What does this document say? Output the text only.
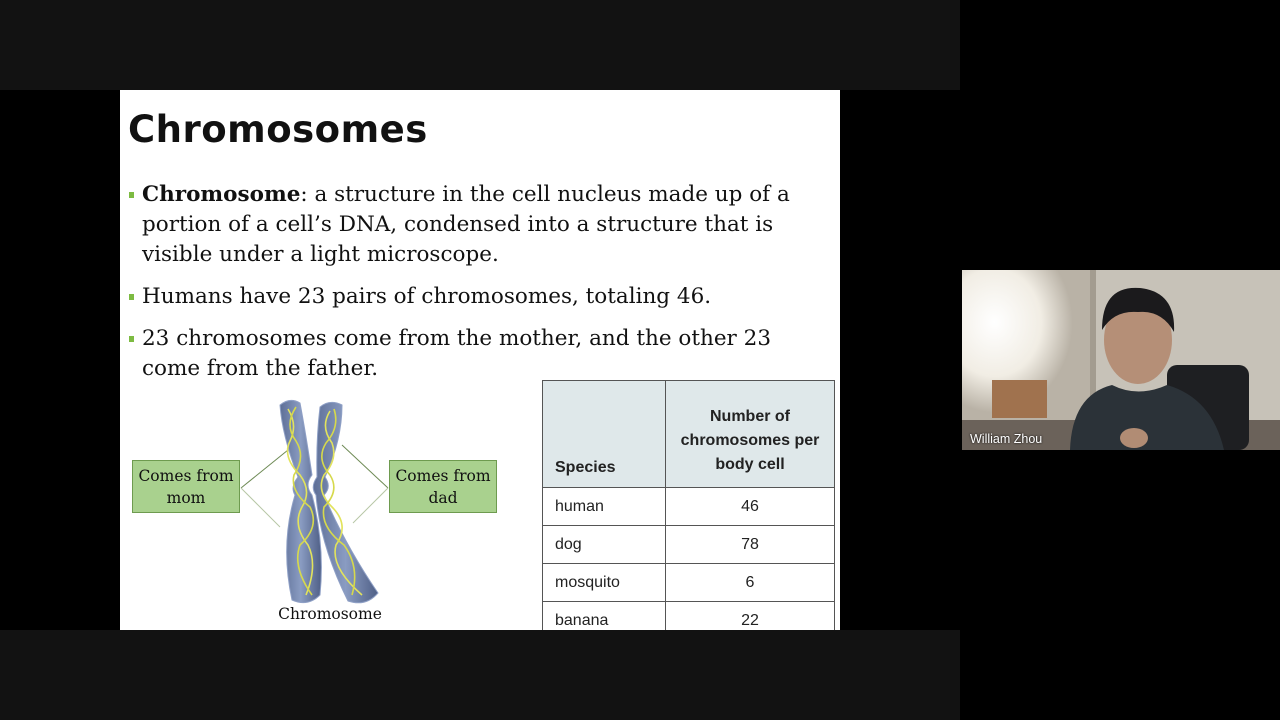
Chromosomes
Chromosome: a structure in the cell nucleus made up of a portion of a cell’s DNA, condensed into a structure that is visible under a light microscope.
Humans have 23 pairs of chromosomes, totaling 46.
23 chromosomes come from the mother, and the other 23 come from the father.
Comes from mom
Comes from dad
Chromosome
Species	Number of chromosomes per body cell
human	46
dog	78
mosquito	6
banana	22
William Zhou
